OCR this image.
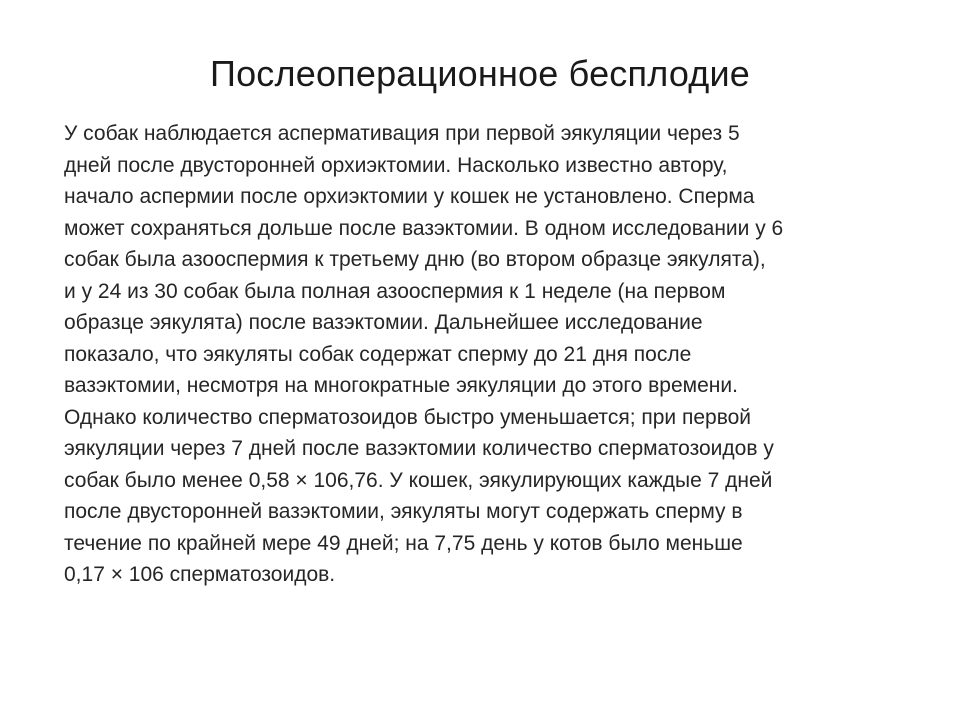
Послеоперационное бесплодие

У собак наблюдается аспермативация при первой эякуляции через 5
дней после двусторонней орхиэктомии. Насколько известно автору,
начало аспермии после орхиэктомии у кошек не установлено. Сперма
может сохраняться дольше после вазэктомии. В одном исследовании у 6
собак была азооспермия к третьему дню (во втором образце эякулята),
и у 24 из 30 собак была полная азооспермия к 1 неделе (на первом
образце эякулята) после вазэктомии. Дальнейшее исследование
показало, что эякуляты собак содержат сперму до 21 дня после
вазэктомии, несмотря на многократные эякуляции до этого времени.
Однако количество сперматозоидов быстро уменьшается; при первой
эякуляции через 7 дней после вазэктомии количество сперматозоидов у
собак было менее 0,58 × 106,76. У кошек, эякулирующих каждые 7 дней
после двусторонней вазэктомии, эякуляты могут содержать сперму в
течение по крайней мере 49 дней; на 7,75 день у котов было меньше
0,17 × 106 сперматозоидов.
